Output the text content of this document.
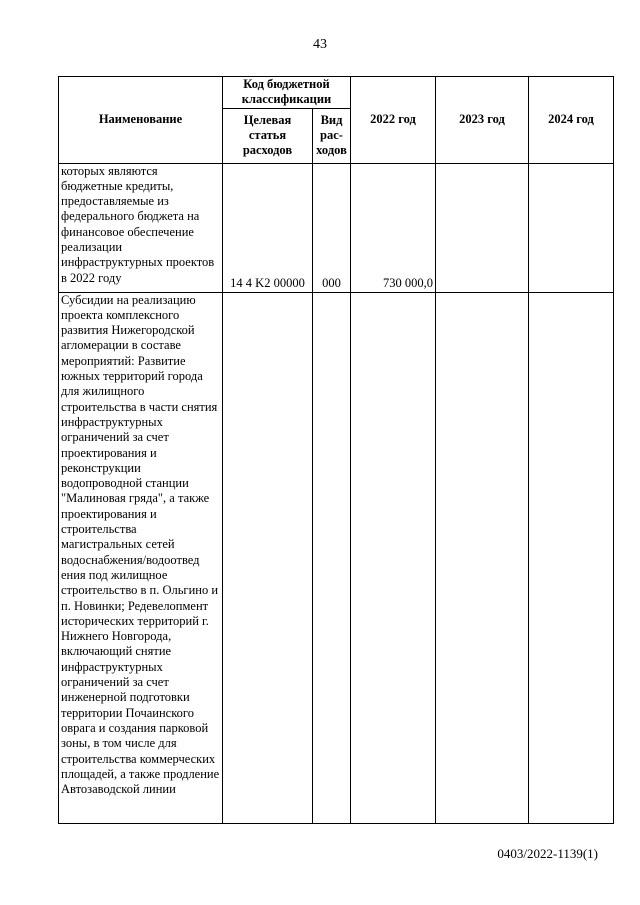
43
Наименование	Код бюджетной классификации		2022 год	2023 год	2024 год
	Целевая статья расходов	Вид рас-ходов			
которых являются бюджетные кредиты, предоставляемые из федерального бюджета на финансовое обеспечение реализации инфраструктурных проектов в 2022 году	14 4 K2 00000	000	730 000,0		
Субсидии на реализацию проекта комплексного развития Нижегородской агломерации в составе мероприятий: Развитие южных территорий города для жилищного строительства в части снятия инфраструктурных ограничений за счет проектирования и реконструкции водопроводной станции "Малиновая гряда", а также проектирования и строительства магистральных сетей водоснабжения/водоотвед ения под жилищное строительство в п. Ольгино и п. Новинки; Редевелопмент исторических территорий г. Нижнего Новгорода, включающий снятие инфраструктурных ограничений за счет инженерной подготовки территории Почаинского оврага и создания парковой зоны, в том числе для строительства коммерческих площадей, а также продление Автозаводской линии					
0403/2022-1139(1)
